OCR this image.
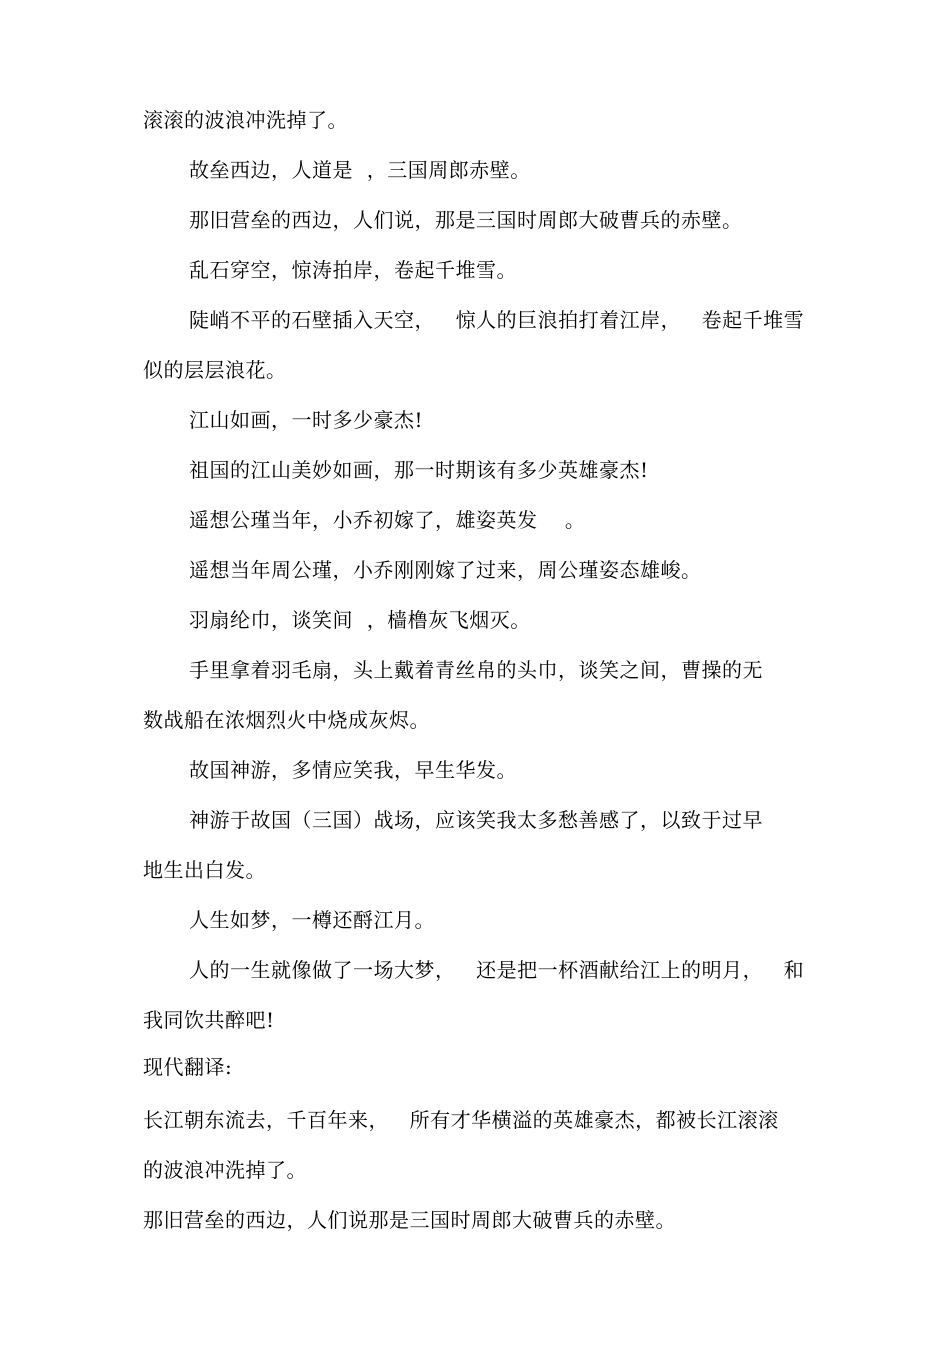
滚滚的波浪冲洗掉了。
故垒西边，人道是  ，三国周郎赤壁。
那旧营垒的西边，人们说，那是三国时周郎大破曹兵的赤壁。
乱石穿空，惊涛拍岸，卷起千堆雪。
陡峭不平的石壁插入天空，   惊人的巨浪拍打着江岸，   卷起千堆雪
似的层层浪花。
江山如画，一时多少豪杰!
祖国的江山美妙如画，那一时期该有多少英雄豪杰!
遥想公瑾当年，小乔初嫁了，雄姿英发    。
遥想当年周公瑾，小乔刚刚嫁了过来，周公瑾姿态雄峻。
羽扇纶巾，谈笑间  ，樯橹灰飞烟灭。
手里拿着羽毛扇，头上戴着青丝帛的头巾，谈笑之间，曹操的无
数战船在浓烟烈火中烧成灰烬。
故国神游，多情应笑我，早生华发。
神游于故国（三国）战场，应该笑我太多愁善感了，以致于过早
地生出白发。
人生如梦，一樽还酹江月。
人的一生就像做了一场大梦，   还是把一杯酒献给江上的明月，   和
我同饮共醉吧!
现代翻译:
长江朝东流去，千百年来，   所有才华横溢的英雄豪杰，都被长江滚滚
的波浪冲洗掉了。
那旧营垒的西边，人们说那是三国时周郎大破曹兵的赤壁。
